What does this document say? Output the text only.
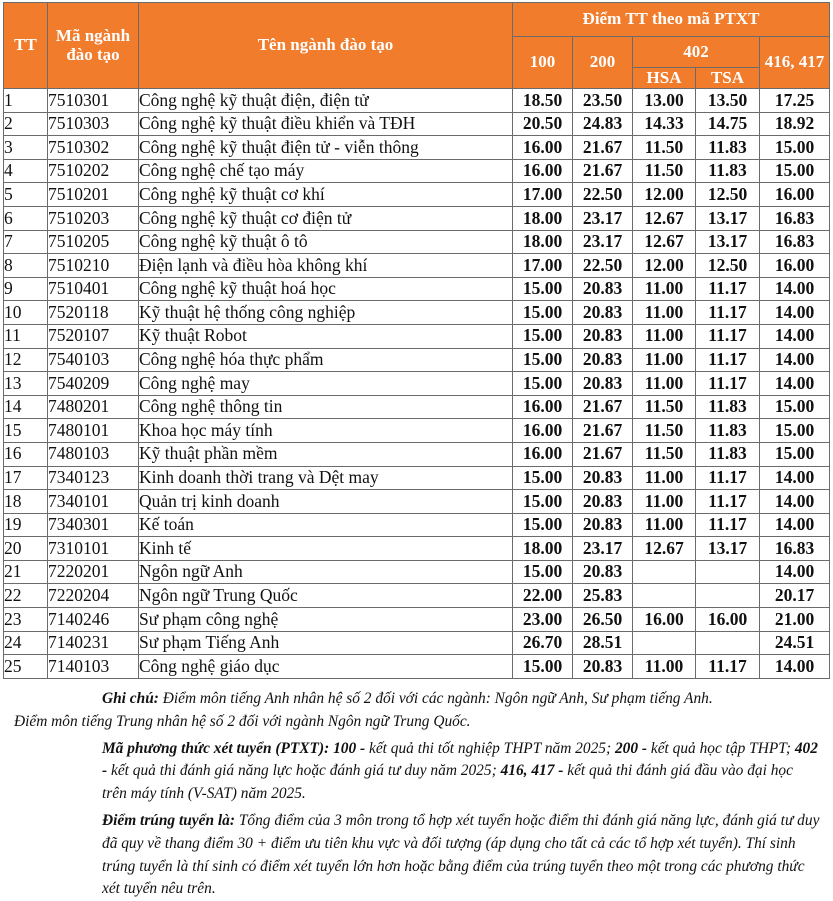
TT	Mã ngành đào tạo	Tên ngành đào tạo	Điểm TT theo mã PTXT				
			100	200	402		416, 417
					HSA	TSA	
1	7510301	Công nghệ kỹ thuật điện, điện tử	18.50	23.50	13.00	13.50	17.25
2	7510303	Công nghệ kỹ thuật điều khiển và TĐH	20.50	24.83	14.33	14.75	18.92
3	7510302	Công nghệ kỹ thuật điện tử - viễn thông	16.00	21.67	11.50	11.83	15.00
4	7510202	Công nghệ chế tạo máy	16.00	21.67	11.50	11.83	15.00
5	7510201	Công nghệ kỹ thuật cơ khí	17.00	22.50	12.00	12.50	16.00
6	7510203	Công nghệ kỹ thuật cơ điện tử	18.00	23.17	12.67	13.17	16.83
7	7510205	Công nghệ kỹ thuật ô tô	18.00	23.17	12.67	13.17	16.83
8	7510210	Điện lạnh và điều hòa không khí	17.00	22.50	12.00	12.50	16.00
9	7510401	Công nghệ kỹ thuật hoá học	15.00	20.83	11.00	11.17	14.00
10	7520118	Kỹ thuật hệ thống công nghiệp	15.00	20.83	11.00	11.17	14.00
11	7520107	Kỹ thuật Robot	15.00	20.83	11.00	11.17	14.00
12	7540103	Công nghệ hóa thực phẩm	15.00	20.83	11.00	11.17	14.00
13	7540209	Công nghệ may	15.00	20.83	11.00	11.17	14.00
14	7480201	Công nghệ thông tin	16.00	21.67	11.50	11.83	15.00
15	7480101	Khoa học máy tính	16.00	21.67	11.50	11.83	15.00
16	7480103	Kỹ thuật phần mềm	16.00	21.67	11.50	11.83	15.00
17	7340123	Kinh doanh thời trang và Dệt may	15.00	20.83	11.00	11.17	14.00
18	7340101	Quản trị kinh doanh	15.00	20.83	11.00	11.17	14.00
19	7340301	Kế toán	15.00	20.83	11.00	11.17	14.00
20	7310101	Kinh tế	18.00	23.17	12.67	13.17	16.83
21	7220201	Ngôn ngữ Anh	15.00	20.83			14.00
22	7220204	Ngôn ngữ Trung Quốc	22.00	25.83			20.17
23	7140246	Sư phạm công nghệ	23.00	26.50	16.00	16.00	21.00
24	7140231	Sư phạm Tiếng Anh	26.70	28.51			24.51
25	7140103	Công nghệ giáo dục	15.00	20.83	11.00	11.17	14.00

Ghi chú: Điểm môn tiếng Anh nhân hệ số 2 đối với các ngành: Ngôn ngữ Anh, Sư phạm tiếng Anh.

Điểm môn tiếng Trung nhân hệ số 2 đối với ngành Ngôn ngữ Trung Quốc.

Mã phương thức xét tuyển (PTXT): 100 - kết quả thi tốt nghiệp THPT năm 2025; 200 - kết quả học tập THPT; 402 - kết quả thi đánh giá năng lực hoặc đánh giá tư duy năm 2025; 416, 417 - kết quả thi đánh giá đầu vào đại học trên máy tính (V-SAT) năm 2025.

Điểm trúng tuyển là: Tổng điểm của 3 môn trong tổ hợp xét tuyển hoặc điểm thi đánh giá năng lực, đánh giá tư duy đã quy về thang điểm 30 + điểm ưu tiên khu vực và đối tượng (áp dụng cho tất cả các tổ hợp xét tuyển). Thí sinh trúng tuyển là thí sinh có điểm xét tuyển lớn hơn hoặc bằng điểm của trúng tuyển theo một trong các phương thức xét tuyển nêu trên.
